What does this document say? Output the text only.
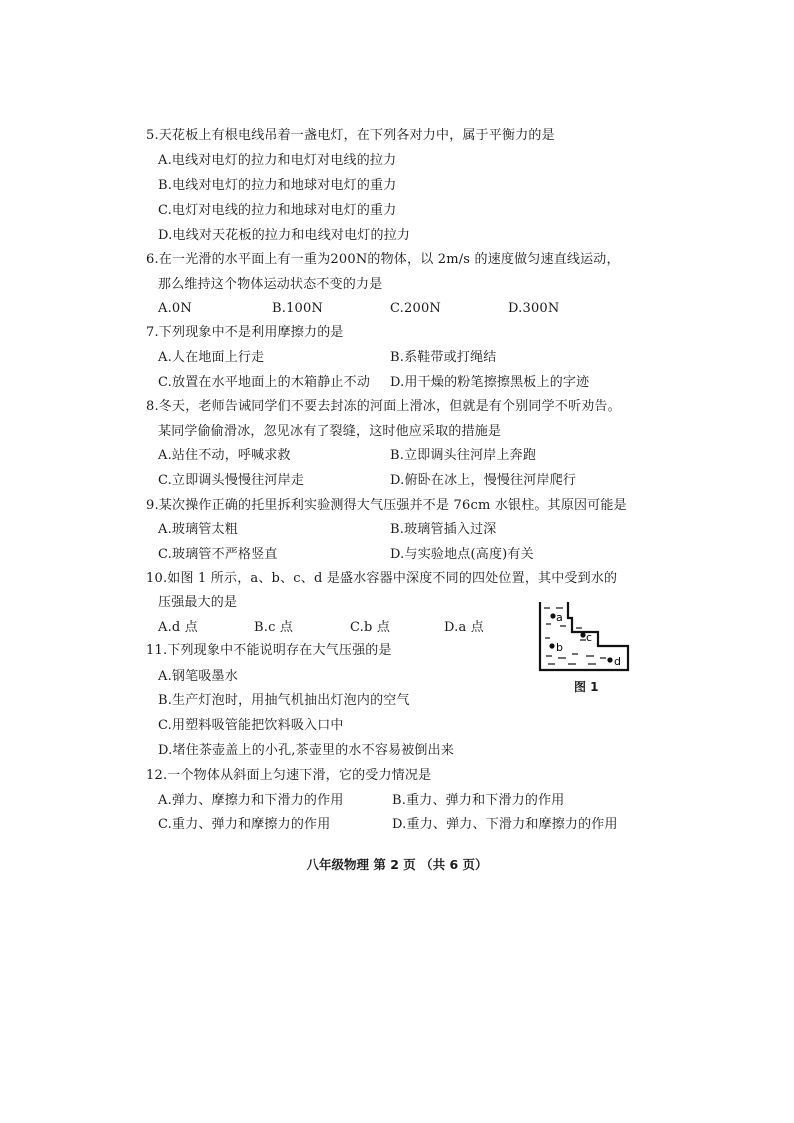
5.天花板上有根电线吊着一盏电灯，在下列各对力中，属于平衡力的是
A.电线对电灯的拉力和电灯对电线的拉力
B.电线对电灯的拉力和地球对电灯的重力
C.电灯对电线的拉力和地球对电灯的重力
D.电线对天花板的拉力和电线对电灯的拉力
6.在一光滑的水平面上有一重为200N的物体，以 2m/s 的速度做匀速直线运动，
那么维持这个物体运动状态不变的力是
A.0N	B.100N	C.200N	D.300N
7.下列现象中不是利用摩擦力的是
A.人在地面上行走	B.系鞋带或打绳结
C.放置在水平地面上的木箱静止不动 D.用干燥的粉笔擦擦黑板上的字迹
8.冬天，老师告诫同学们不要去封冻的河面上滑冰，但就是有个别同学不听劝告。
某同学偷偷滑冰，忽见冰有了裂缝，这时他应采取的措施是
A.站住不动，呼喊求救	B.立即调头往河岸上奔跑
C.立即调头慢慢往河岸走	D.俯卧在冰上，慢慢往河岸爬行
9.某次操作正确的托里拆利实验测得大气压强并不是 76cm 水银柱。其原因可能是
A.玻璃管太粗	B.玻璃管插入过深
C.玻璃管不严格竖直	D.与实验地点(高度)有关
10.如图 1 所示，a、b、c、d 是盛水容器中深度不同的四处位置，其中受到水的
压强最大的是
A.d 点	B.c 点	C.b 点	D.a 点
11.下列现象中不能说明存在大气压强的是
A.钢笔吸墨水
B.生产灯泡时，用抽气机抽出灯泡内的空气
C.用塑料吸管能把饮料吸入口中
D.堵住茶壶盖上的小孔,茶壶里的水不容易被倒出来
12.一个物体从斜面上匀速下滑，它的受力情况是
A.弹力、摩擦力和下滑力的作用	B.重力、弹力和下滑力的作用
C.重力、弹力和摩擦力的作用	D.重力、弹力、下滑力和摩擦力的作用
a
b
c
d
图 1
八年级物理 第 2 页 （共 6 页）
